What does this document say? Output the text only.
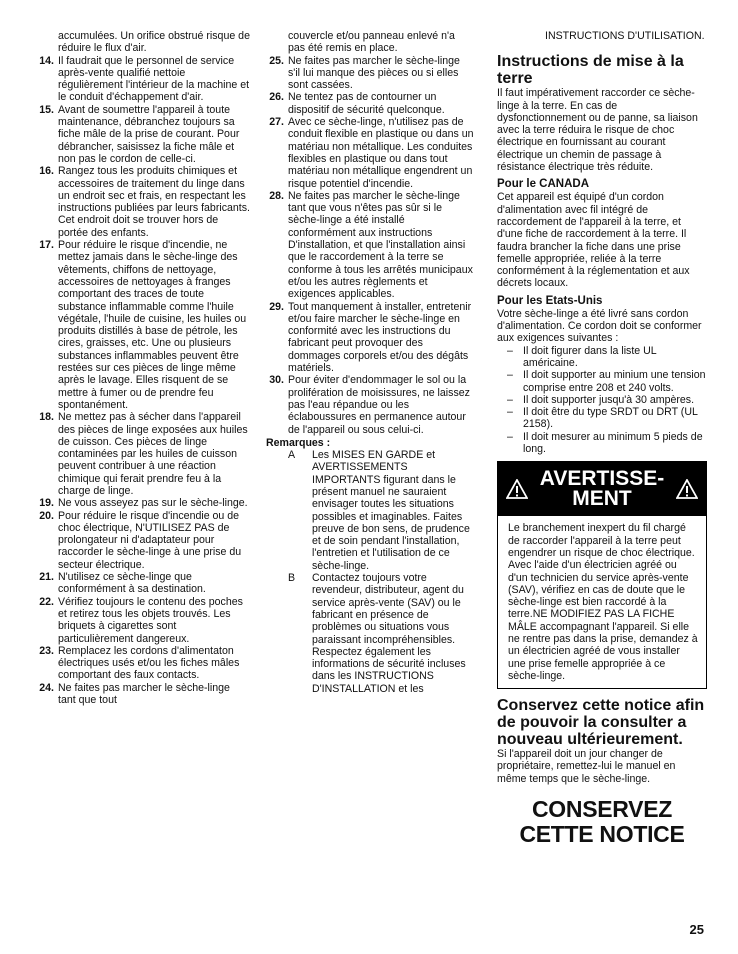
accumulées. Un orifice obstrué risque de réduire le flux d'air.
14. Il faudrait que le personnel de service après-vente qualifié nettoie régulièrement l'intérieur de la machine et le conduit d'échappement d'air.
15. Avant de soumettre l'appareil à toute maintenance, débranchez toujours sa fiche mâle de la prise de courant. Pour débrancher, saisissez la fiche mâle et non pas le cordon de celle-ci.
16. Rangez tous les produits chimiques et accessoires de traitement du linge dans un endroit sec et frais, en respectant les instructions publiées par leurs fabricants. Cet endroit doit se trouver hors de portée des enfants.
17. Pour réduire le risque d'incendie, ne mettez jamais dans le sèche-linge des vêtements, chiffons de nettoyage, accessoires de nettoyages à franges comportant des traces de toute substance inflammable comme l'huile végétale, l'huile de cuisine, les huiles ou produits distillés à base de pétrole, les cires, graisses, etc. Une ou plusieurs substances inflammables peuvent être restées sur ces pièces de linge même après le lavage. Elles risquent de se mettre à fumer ou de prendre feu spontanément.
18. Ne mettez pas à sécher dans l'appareil des pièces de linge exposées aux huiles de cuisson. Ces pièces de linge contaminées par les huiles de cuisson peuvent contribuer à une réaction chimique qui ferait prendre feu à la charge de linge.
19. Ne vous asseyez pas sur le sèche-linge.
20. Pour réduire le risque d'incendie ou de choc électrique, N'UTILISEZ PAS de prolongateur ni d'adaptateur pour raccorder le sèche-linge à une prise du secteur électrique.
21. N'utilisez ce sèche-linge que conformément à sa destination.
22. Vérifiez toujours le contenu des poches et retirez tous les objets trouvés. Les briquets à cigarettes sont particulièrement dangereux.
23. Remplacez les cordons d'alimentaton électriques usés et/ou les fiches mâles comportant des faux contacts.
24. Ne faites pas marcher le sèche-linge tant que tout
couvercle et/ou panneau enlevé n'a pas été remis en place.
25. Ne faites pas marcher le sèche-linge s'il lui manque des pièces ou si elles sont cassées.
26. Ne tentez pas de contourner un dispositif de sécurité quelconque.
27. Avec ce sèche-linge, n'utilisez pas de conduit flexible en plastique ou dans un matériau non métallique. Les conduites flexibles en plastique ou dans tout matériau non métallique engendrent un risque potentiel d'incendie.
28. Ne faites pas marcher le sèche-linge tant que vous n'êtes pas sûr si le sèche-linge a été installé conformément aux instructions D'installation, et que l'installation ainsi que le raccordement à la terre se conforme à tous les arrêtés municipaux et/ou les autres règlements et exigences applicables.
29. Tout manquement à installer, entretenir et/ou faire marcher le sèche-linge en conformité avec les instructions du fabricant peut provoquer des dommages corporels et/ou des dégâts matériels.
30. Pour éviter d'endommager le sol ou la prolifération de moisissures, ne laissez pas l'eau répandue ou les éclaboussures en permanence autour de l'appareil ou sous celui-ci.
Remarques :
A	Les MISES EN GARDE et AVERTISSEMENTS IMPORTANTS figurant dans le présent manuel ne sauraient envisager toutes les situations possibles et imaginables. Faites preuve de bon sens, de prudence et de soin pendant l'installation, l'entretien et l'utilisation de ce sèche-linge.
B	Contactez toujours votre revendeur, distributeur, agent du service après-vente (SAV) ou le fabricant en présence de problèmes ou situations vous paraissant incompréhensibles. Respectez également les informations de sécurité incluses dans les INSTRUCTIONS D'INSTALLATION et les
INSTRUCTIONS D'UTILISATION.
Instructions de mise à la terre
Il faut impérativement raccorder ce sèche-linge à la terre. En cas de dysfonctionnement ou de panne, sa liaison avec la terre réduira le risque de choc électrique en fournissant au courant électrique un chemin de passage à résistance électrique très réduite.
Pour le CANADA
Cet appareil est équipé d'un cordon d'alimentation avec fil intégré de raccordement de l'appareil à la terre, et d'une fiche de raccordement à la terre. Il faudra brancher la fiche dans une prise femelle appropriée, reliée à la terre conformément à la réglementation et aux décrets locaux.
Pour les Etats-Unis
Votre sèche-linge a été livré sans cordon d'alimentation. Ce cordon doit se conformer aux exigences suivantes :
– Il doit figurer dans la liste UL américaine.
– Il doit supporter au minium une tension comprise entre 208 et 240 volts.
– Il doit supporter jusqu'à 30 ampères.
– Il doit être du type SRDT ou DRT (UL 2158).
– Il doit mesurer au minimum 5 pieds de long.
AVERTISSE-
MENT
Le branchement inexpert du fil chargé de raccorder l'appareil à la terre peut engendrer un risque de choc électrique. Avec l'aide d'un électricien agréé ou d'un technicien du service après-vente (SAV), vérifiez en cas de doute que le sèche-linge est bien raccordé à la terre.NE MODIFIEZ PAS LA FICHE MÂLE accompagnant l'appareil. Si elle ne rentre pas dans la prise, demandez à un électricien agréé de vous installer une prise femelle appropriée à ce sèche-linge.
Conservez cette notice afin de pouvoir la consulter a nouveau ultérieurement.
Si l'appareil doit un jour changer de propriétaire, remettez-lui le manuel en même temps que le sèche-linge.
CONSERVEZ
CETTE NOTICE
25
